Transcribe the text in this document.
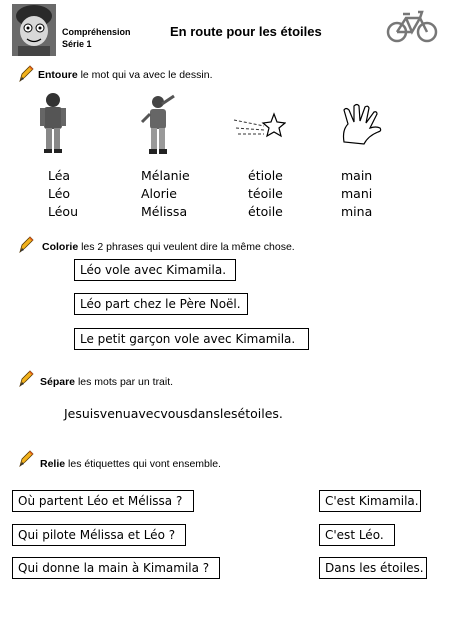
Compréhension
Série 1
En route pour les étoiles
Entoure le mot qui va avec le dessin.
Léa
Léo
Léou
Mélanie
Alorie
Mélissa
étiole
téoile
étoile
main
mani
mina
Colorie les 2 phrases qui veulent dire la même chose.
Léo vole avec Kimamila.
Léo part chez le Père Noël.
Le petit garçon vole avec Kimamila.
Sépare les mots par un trait.
Jesuisvenuavecvousdanslesétoiles.
Relie les étiquettes qui vont ensemble.
Où partent Léo et Mélissa ?
Qui pilote Mélissa et Léo ?
Qui donne la main à Kimamila ?
C'est Kimamila.
C'est Léo.
Dans les étoiles.
